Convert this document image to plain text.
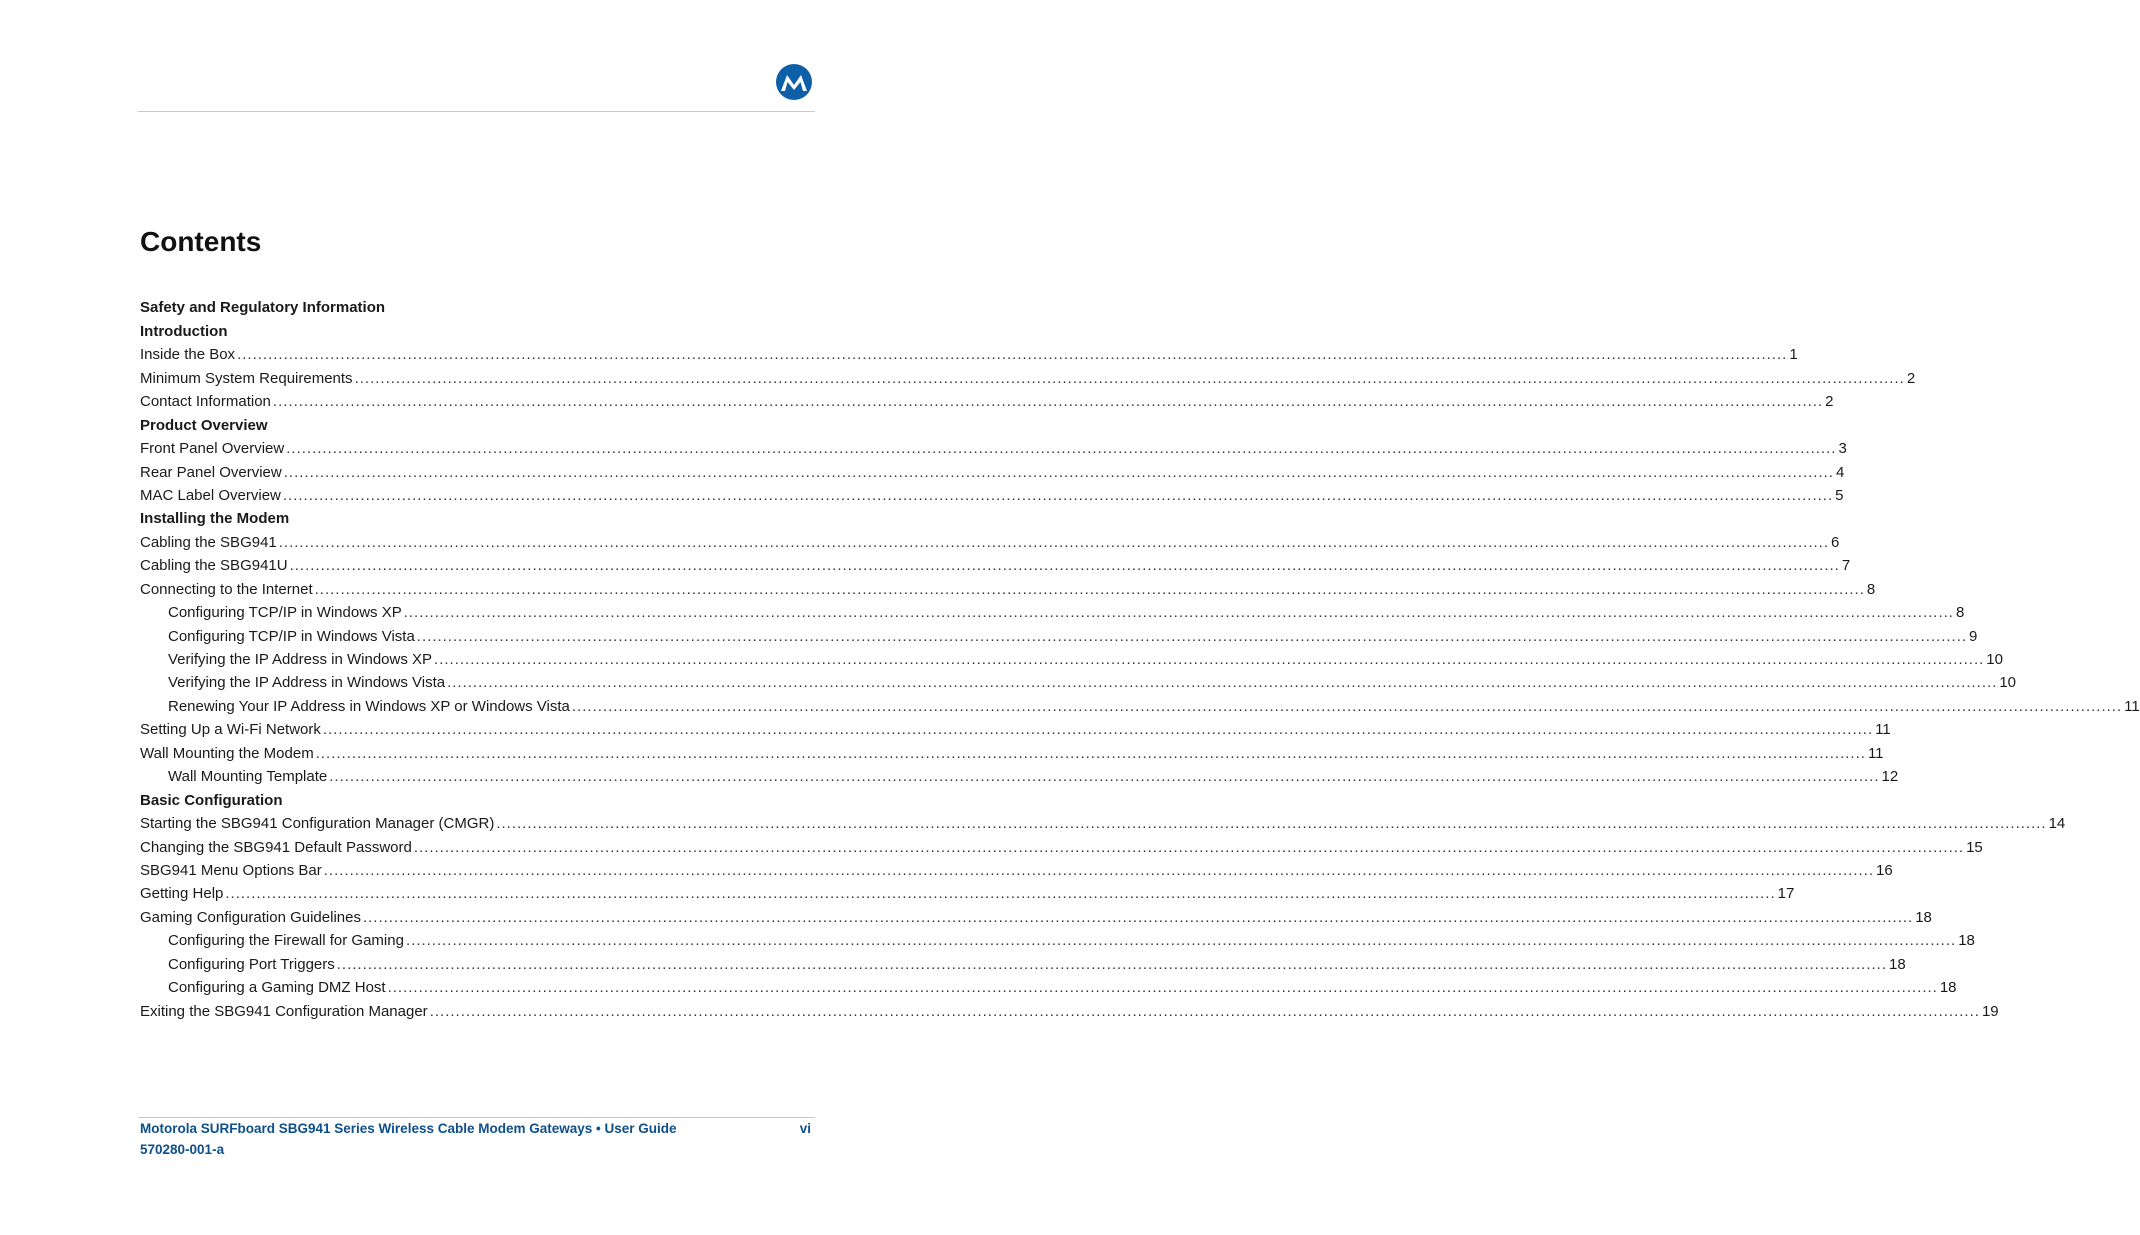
Contents
Safety and Regulatory Information
Introduction
Inside the Box ............................................................................................................................................................................................................................................................................................................ 1
Minimum System Requirements ............................................................................................................................................................................................................................................................................................................ 2
Contact Information ............................................................................................................................................................................................................................................................................................................ 2
Product Overview
Front Panel Overview ............................................................................................................................................................................................................................................................................................................ 3
Rear Panel Overview ............................................................................................................................................................................................................................................................................................................ 4
MAC Label Overview ............................................................................................................................................................................................................................................................................................................ 5
Installing the Modem
Cabling the SBG941 ............................................................................................................................................................................................................................................................................................................ 6
Cabling the SBG941U ............................................................................................................................................................................................................................................................................................................ 7
Connecting to the Internet ............................................................................................................................................................................................................................................................................................................ 8
Configuring TCP/IP in Windows XP ............................................................................................................................................................................................................................................................................................................ 8
Configuring TCP/IP in Windows Vista ............................................................................................................................................................................................................................................................................................................ 9
Verifying the IP Address in Windows XP ............................................................................................................................................................................................................................................................................................................ 10
Verifying the IP Address in Windows Vista ............................................................................................................................................................................................................................................................................................................ 10
Renewing Your IP Address in Windows XP or Windows Vista ............................................................................................................................................................................................................................................................................................................ 11
Setting Up a Wi-Fi Network ............................................................................................................................................................................................................................................................................................................ 11
Wall Mounting the Modem ............................................................................................................................................................................................................................................................................................................ 11
Wall Mounting Template ............................................................................................................................................................................................................................................................................................................ 12
Basic Configuration
Starting the SBG941 Configuration Manager (CMGR) ............................................................................................................................................................................................................................................................................................................ 14
Changing the SBG941 Default Password ............................................................................................................................................................................................................................................................................................................ 15
SBG941 Menu Options Bar ............................................................................................................................................................................................................................................................................................................ 16
Getting Help ............................................................................................................................................................................................................................................................................................................ 17
Gaming Configuration Guidelines ............................................................................................................................................................................................................................................................................................................ 18
Configuring the Firewall for Gaming ............................................................................................................................................................................................................................................................................................................ 18
Configuring Port Triggers ............................................................................................................................................................................................................................................................................................................ 18
Configuring a Gaming DMZ Host ............................................................................................................................................................................................................................................................................................................ 18
Exiting the SBG941 Configuration Manager ............................................................................................................................................................................................................................................................................................................ 19
Motorola SURFboard SBG941 Series Wireless Cable Modem Gateways • User Guide	vi
570280-001-a
